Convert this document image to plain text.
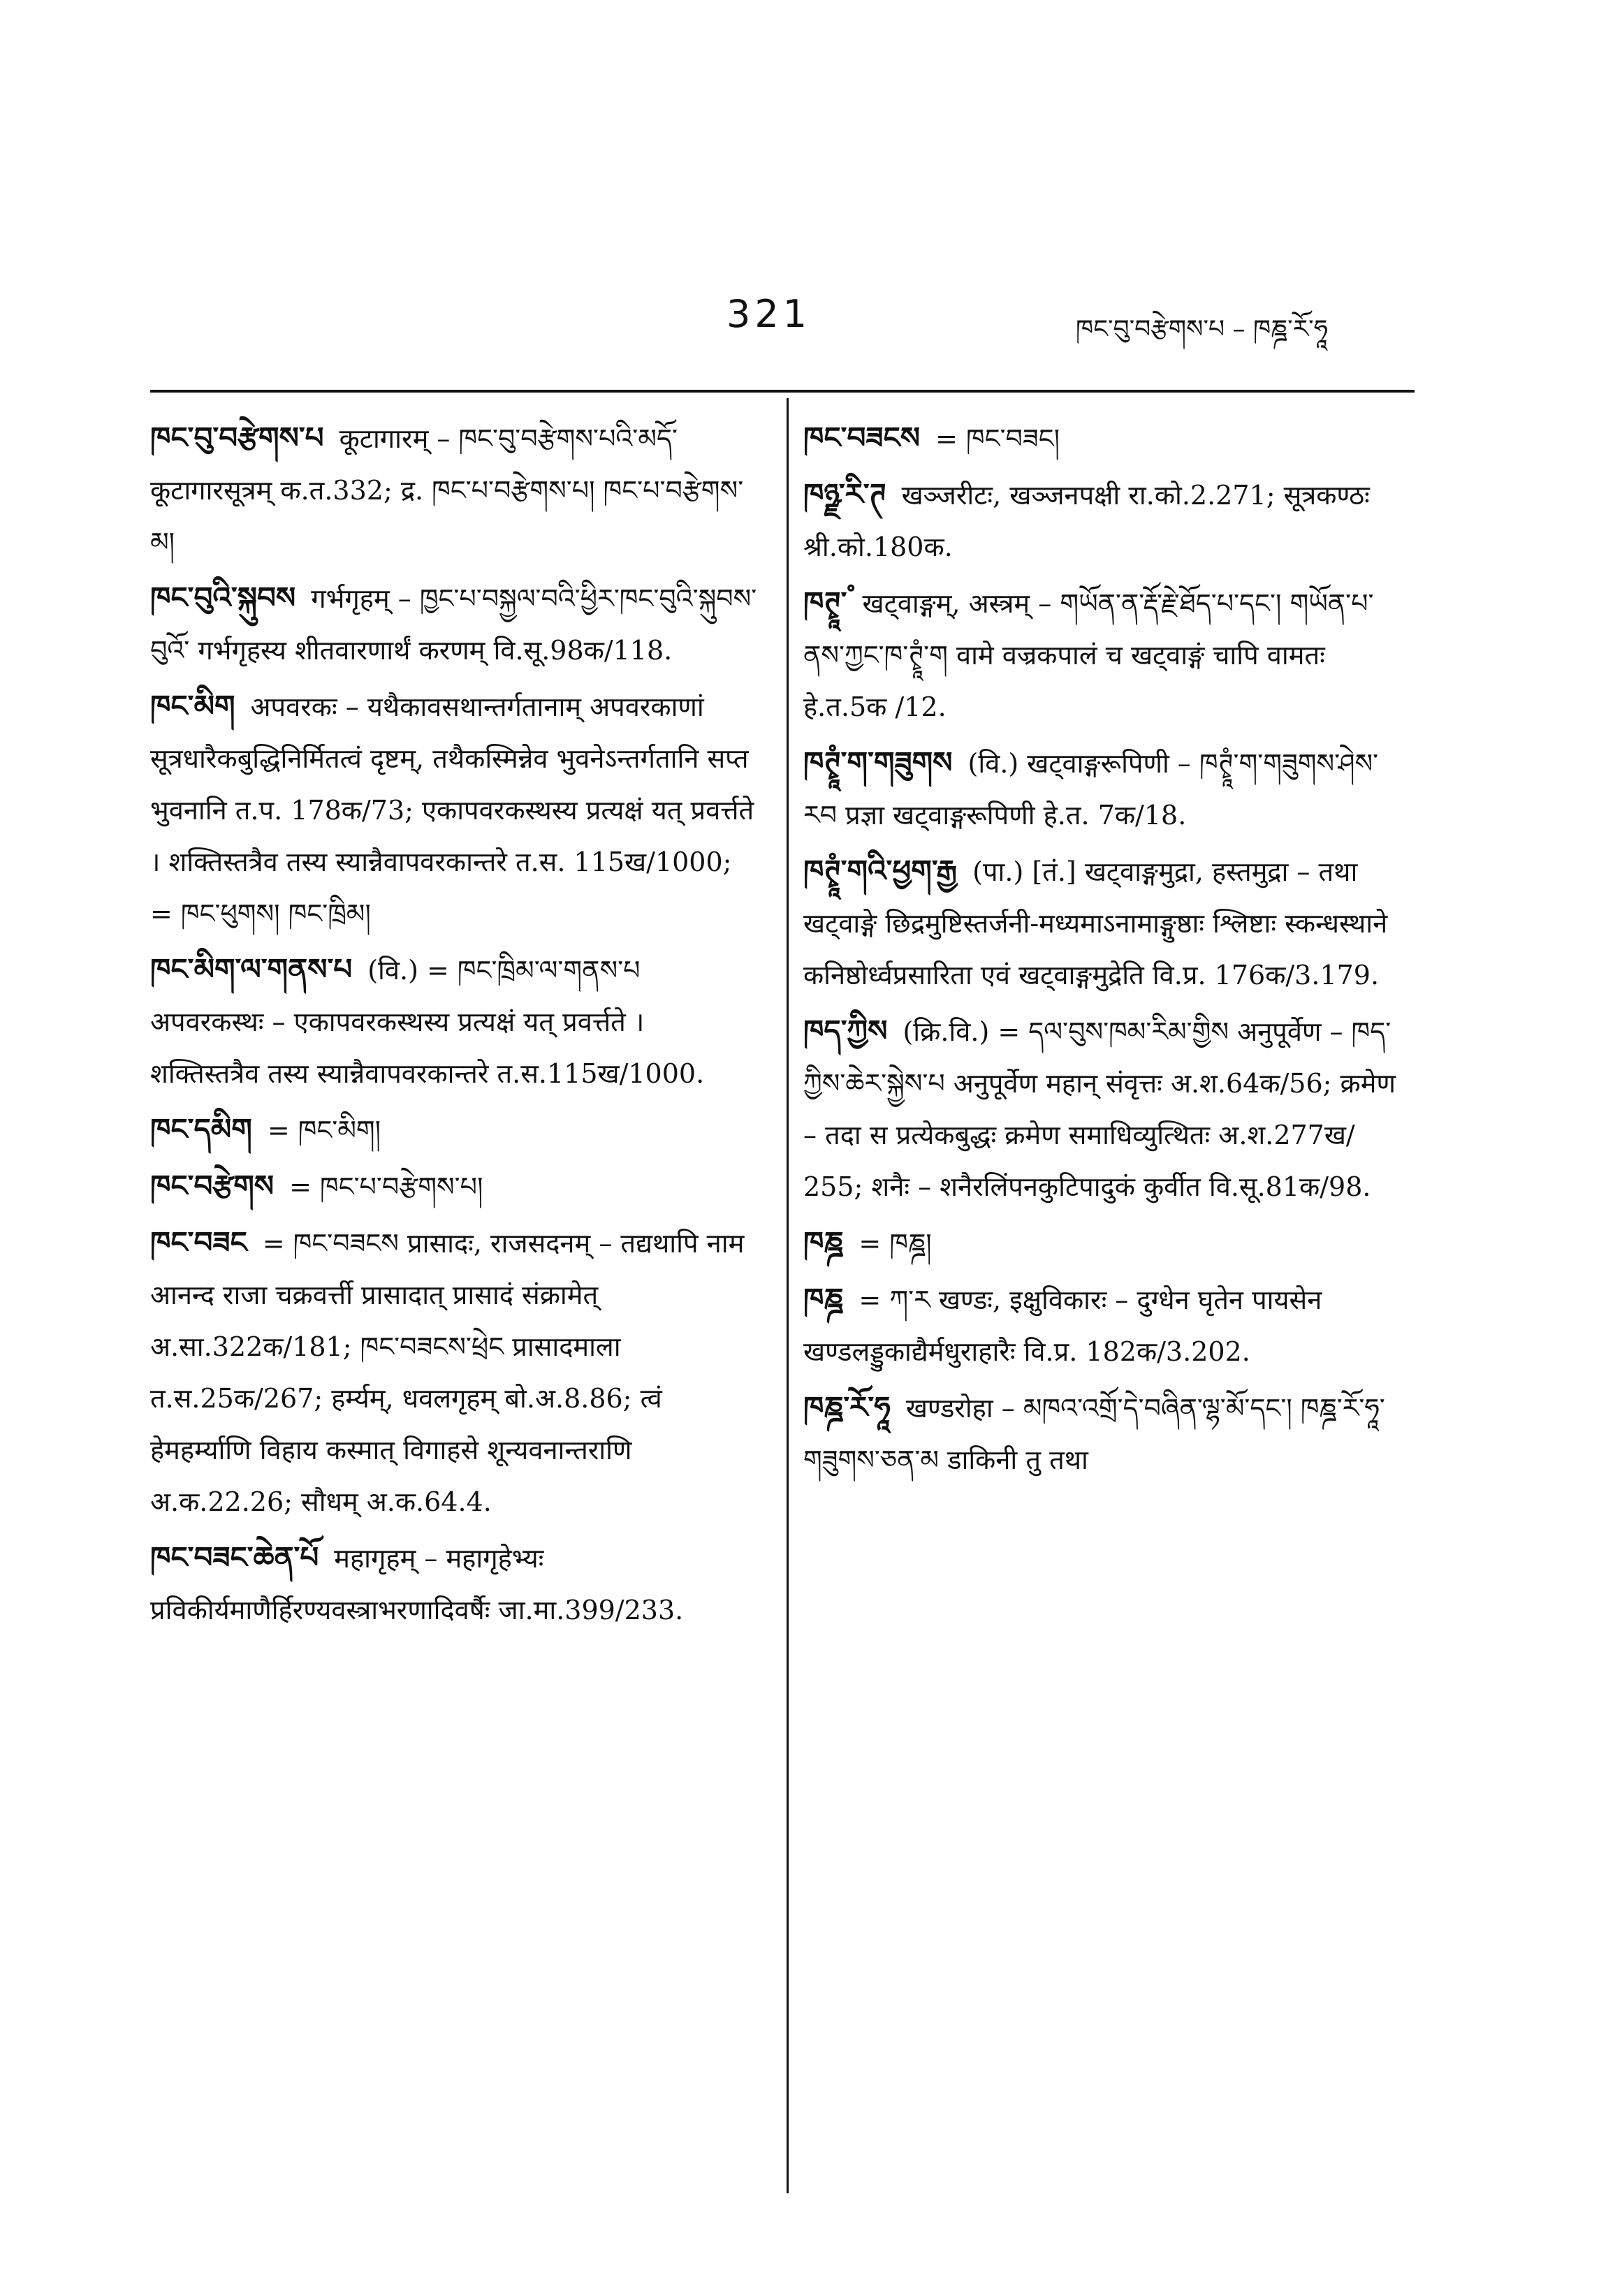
321	ཁང་བུ་བརྩེགས་པ – ཁཎྜ་རོ་ཧཱ
ཁང་བུ་བརྩེགས་པ कूटागारम् – ཁང་བུ་བརྩེགས་པའི་མདོ་ कूटागारसूत्रम् क.त.332; द्र. ཁང་པ་བརྩེགས་པ། ཁང་པ་བརྩེགས་མ།
ཁང་བུའི་སྐུབས गर्भगृहम् – ཁྱང་པ་བསྐྱལ་བའི་ཕྱིར་ཁང་བུའི་སྐུབས་བུའོ་ गर्भगृहस्य शीतवारणार्थं करणम् वि.सू.98क/118.
ཁང་མིག अपवरकः – यथैकावसथान्तर्गतानाम् अपवरकाणां सूत्रधारैकबुद्धिनिर्मितत्वं दृष्टम्, तथैकस्मिन्नेव भुवनेऽन्तर्गतानि सप्त भुवनानि त.प. 178क/73; एकापवरकस्थस्य प्रत्यक्षं यत् प्रवर्त्तते । शक्तिस्तत्रैव तस्य स्यान्नैवापवरकान्तरे त.स. 115ख/1000; = ཁང་ཕུགས། ཁང་ཁྲིམ།
ཁང་མིག་ལ་གནས་པ (वि.) = ཁང་ཁྲིམ་ལ་གནས་པ अपवरकस्थः – एकापवरकस्थस्य प्रत्यक्षं यत् प्रवर्त्तते । शक्तिस्तत्रैव तस्य स्यान्नैवापवरकान्तरे त.स.115ख/1000.
ཁང་དམིག = ཁང་མིག།
ཁང་བརྩེགས = ཁང་པ་བརྩེགས་པ།
ཁང་བཟང = ཁང་བཟངས प्रासादः, राजसदनम् – तद्यथापि नाम आनन्द राजा चक्रवर्त्ती प्रासादात् प्रासादं संक्रामेत् अ.सा.322क/181; ཁང་བཟངས་ཕྲེང प्रासादमाला त.स.25क/267; हर्म्यम्, धवलगृहम् बो.अ.8.86; त्वं हेमहर्म्याणि विहाय कस्मात् विगाहसे शून्यवनान्तराणि अ.क.22.26; सौधम् अ.क.64.4.
ཁང་བཟང་ཆེན་པོ महागृहम् – महागृहेभ्यः प्रविकीर्यमाणैर्हिरण्यवस्त्राभरणादिवर्षैः जा.मा.399/233.
ཁང་བཟངས = ཁང་བཟང།
ཁཉྫ་རི་ཊ खञ्जरीटः, खञ्जनपक्षी रा.को.2.271; सूत्रकण्ठः श्री.को.180क.
ཁཊྭཱ་ཾ खट्वाङ्गम्, अस्त्रम् – གཡོན་ན་རྡོ་རྗེ་ཐོད་པ་དང་། གཡོན་པ་ནས་ཀྱང་ཁ་ཊྭཱཾ་ག वामे वज्रकपालं च खट्वाङ्गं चापि वामतः हे.त.5क /12.
ཁཊྭཱཾ་ག་གཟུགས (वि.) खट्वाङ्गरूपिणी – ཁཊྭཱཾ་ག་གཟུགས་ཤེས་རབ प्रज्ञा खट्वाङ्गरूपिणी हे.त. 7क/18.
ཁཊྭཱཾ་གའི་ཕྱག་རྒྱ (पा.) [तं.] खट्वाङ्गमुद्रा, हस्तमुद्रा – तथा खट्वाङ्गे छिद्रमुष्टिस्तर्जनी-मध्यमाऽनामाङ्गुष्ठाः श्लिष्टाः स्कन्धस्थाने कनिष्ठोर्ध्वप्रसारिता एवं खट्वाङ्गमुद्रेति वि.प्र. 176क/3.179.
ཁད་ཀྱིས (क्रि.वि.) = དལ་བུས་ཁམ་རིམ་གྱིས अनुपूर्वेण – ཁད་ཀྱིས་ཆེར་སྐྱེས་པ अनुपूर्वेण महान् संवृत्तः अ.श.64क/56; क्रमेण – तदा स प्रत्येकबुद्धः क्रमेण समाधिव्युत्थितः अ.श.277ख/ 255; शनैः – शनैरलिंपनकुटिपादुकं कुर्वीत वि.सू.81क/98.
ཁཎྜ = ཁཎྜ།
ཁཎྜ = ཀ་ར खण्डः, इक्षुविकारः – दुग्धेन घृतेन पायसेन खण्डलड्डुकाद्यैर्मधुराहारैः वि.प्र. 182क/3.202.
ཁཎྜ་རོ་ཧཱ खण्डरोहा – མཁའ་འགྲོ་དེ་བཞིན་ལྷ་མོ་དང་། ཁཎྜ་རོ་ཧཱ་གཟུགས་ཅན་མ डाकिनी तु तथा
